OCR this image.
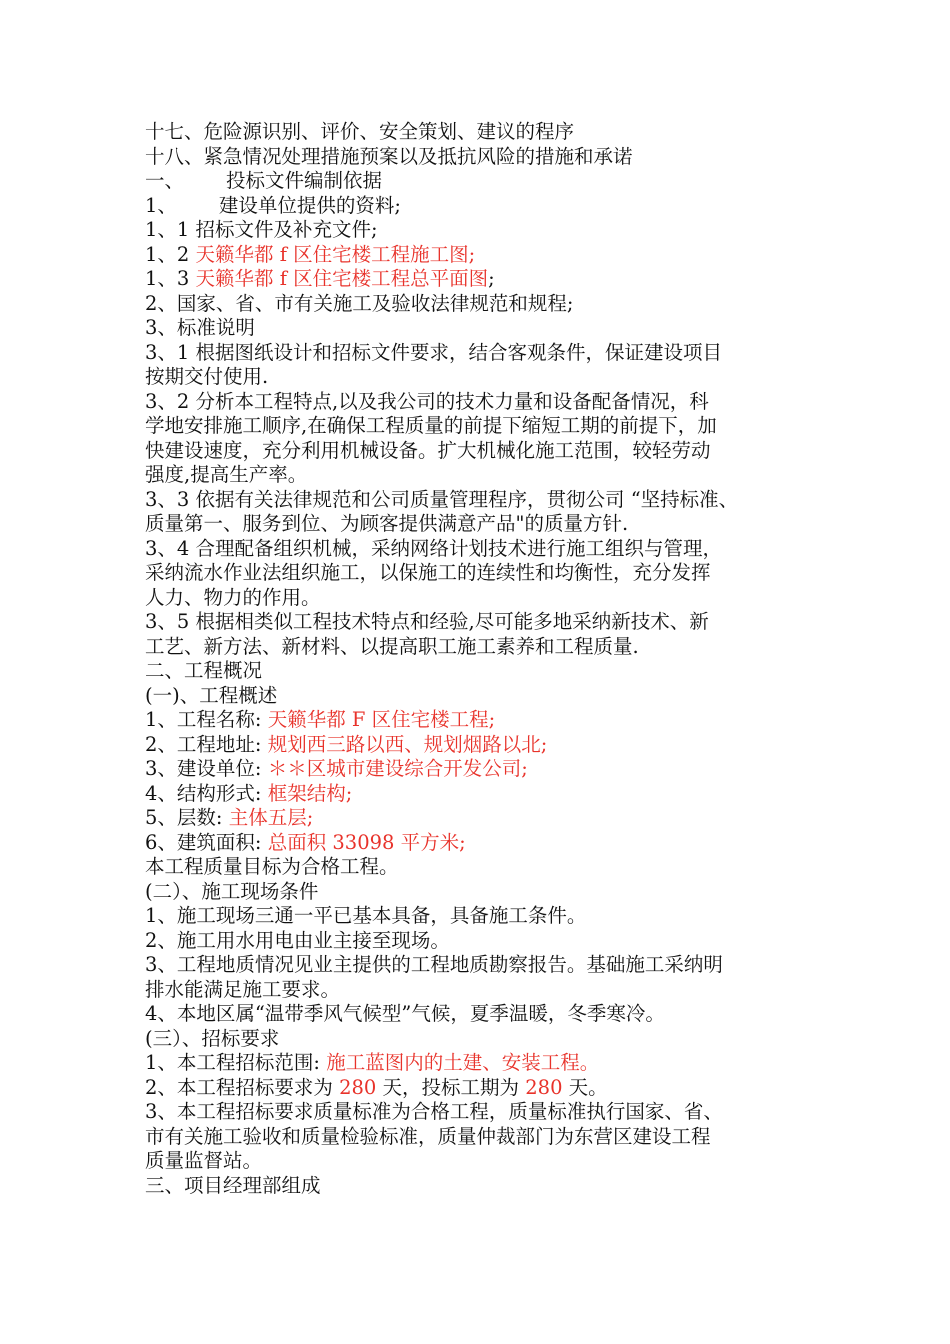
十七、危险源识别、评价、安全策划、建议的程序
十八、紧急情况处理措施预案以及抵抗风险的措施和承诺
一、 投标文件编制依据
1、 建设单位提供的资料;
1、1 招标文件及补充文件;
1、2 天籁华都 f 区住宅楼工程施工图;
1、3 天籁华都 f 区住宅楼工程总平面图;
2、国家、省、市有关施工及验收法律规范和规程;
3、标准说明
3、1 根据图纸设计和招标文件要求，结合客观条件，保证建设项目
按期交付使用.
3、2 分析本工程特点,以及我公司的技术力量和设备配备情况，科
学地安排施工顺序,在确保工程质量的前提下缩短工期的前提下，加
快建设速度，充分利用机械设备。扩大机械化施工范围，较轻劳动
强度,提高生产率。
3、3 依据有关法律规范和公司质量管理程序，贯彻公司 “坚持标准、
质量第一、服务到位、为顾客提供满意产品"的质量方针.
3、4 合理配备组织机械，采纳网络计划技术进行施工组织与管理，
采纳流水作业法组织施工，以保施工的连续性和均衡性，充分发挥
人力、物力的作用。
3、5 根据相类似工程技术特点和经验,尽可能多地采纳新技术、新
工艺、新方法、新材料、以提高职工施工素养和工程质量.
二、工程概况
(一)、工程概述
1、工程名称: 天籁华都 F 区住宅楼工程;
2、工程地址: 规划西三路以西、规划烟路以北;
3、建设单位: ＊＊区城市建设综合开发公司;
4、结构形式: 框架结构;
5、层数: 主体五层;
6、建筑面积: 总面积 33098 平方米;
本工程质量目标为合格工程。
(二）、施工现场条件
1、施工现场三通一平已基本具备，具备施工条件。
2、施工用水用电由业主接至现场。
3、工程地质情况见业主提供的工程地质勘察报告。基础施工采纳明
排水能满足施工要求。
4、本地区属“温带季风气候型”气候，夏季温暖，冬季寒冷。
(三）、招标要求
1、本工程招标范围: 施工蓝图内的土建、安装工程。
2、本工程招标要求为 280 天，投标工期为 280 天。
3、本工程招标要求质量标准为合格工程，质量标准执行国家、省、
市有关施工验收和质量检验标准，质量仲裁部门为东营区建设工程
质量监督站。
三、项目经理部组成
